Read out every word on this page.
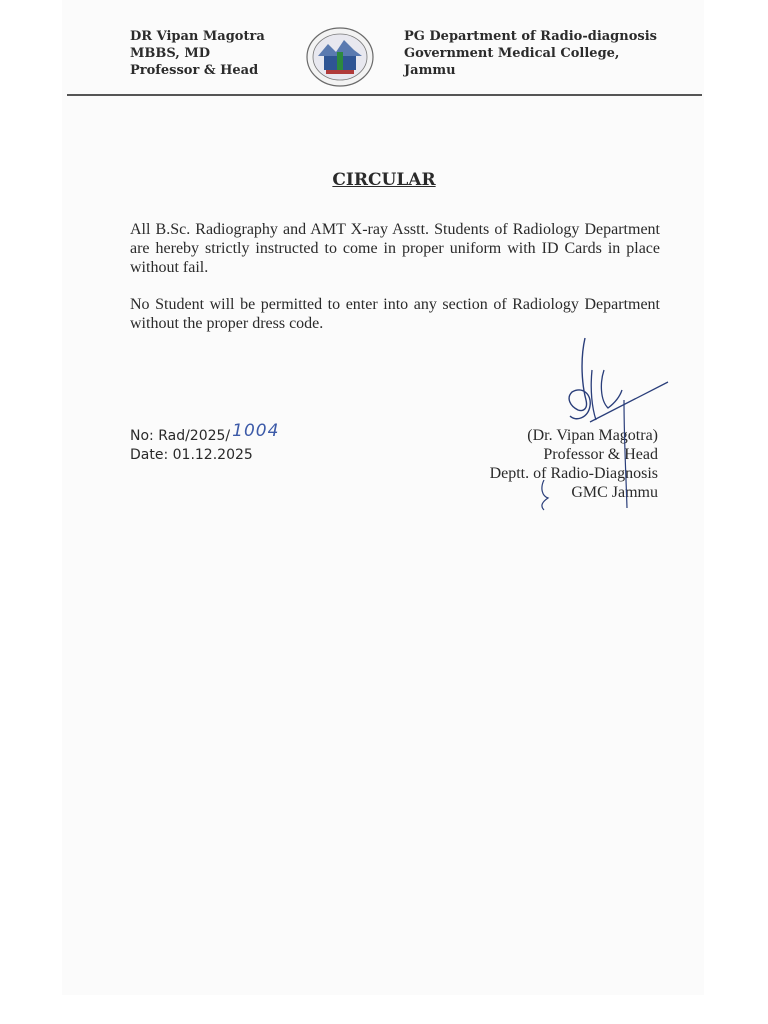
DR Vipan Magotra
MBBS, MD
Professor & Head
PG Department of Radio-diagnosis
Government Medical College,
Jammu
CIRCULAR
All B.Sc. Radiography and AMT X-ray Asstt. Students of Radiology Department are hereby strictly instructed to come in proper uniform with ID Cards in place without fail.
No Student will be permitted to enter into any section of Radiology Department without the proper dress code.
No: Rad/2025/ 1004
Date: 01.12.2025
(Dr. Vipan Magotra)
Professor & Head
Deptt. of Radio-Diagnosis
GMC Jammu
